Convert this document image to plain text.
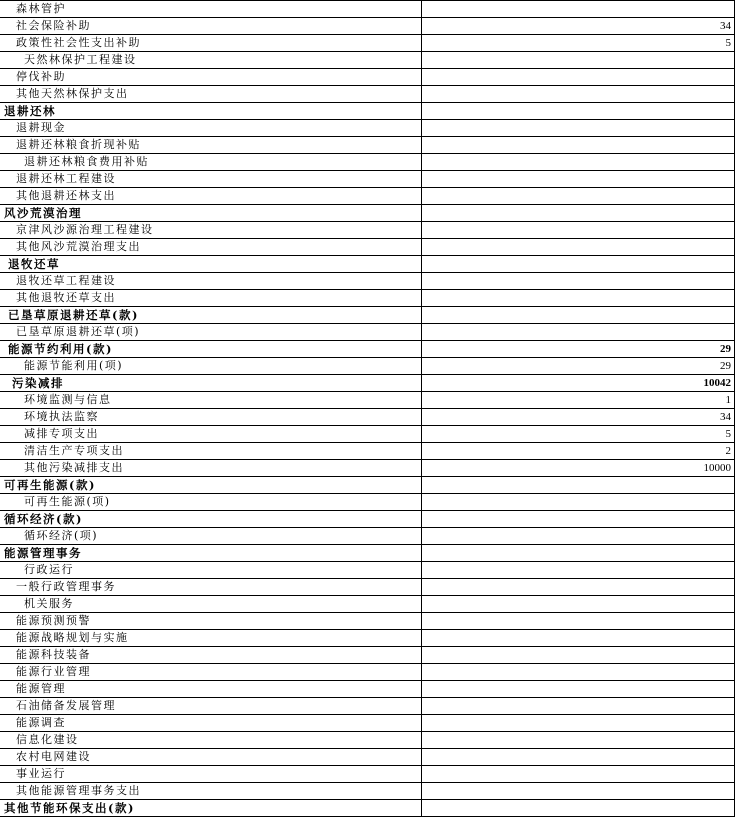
森林管护	
社会保险补助	34
政策性社会性支出补助	5
天然林保护工程建设	
停伐补助	
其他天然林保护支出	
退耕还林	
退耕现金	
退耕还林粮食折现补贴	
退耕还林粮食费用补贴	
退耕还林工程建设	
其他退耕还林支出	
风沙荒漠治理	
京津风沙源治理工程建设	
其他风沙荒漠治理支出	
退牧还草	
退牧还草工程建设	
其他退牧还草支出	
已垦草原退耕还草(款)	
已垦草原退耕还草(项)	
能源节约利用(款)	29
能源节能利用(项)	29
污染减排	10042
环境监测与信息	1
环境执法监察	34
减排专项支出	5
清洁生产专项支出	2
其他污染减排支出	10000
可再生能源(款)	
可再生能源(项)	
循环经济(款)	
循环经济(项)	
能源管理事务	
行政运行	
一般行政管理事务	
机关服务	
能源预测预警	
能源战略规划与实施	
能源科技装备	
能源行业管理	
能源管理	
石油储备发展管理	
能源调查	
信息化建设	
农村电网建设	
事业运行	
其他能源管理事务支出	
其他节能环保支出(款)	
